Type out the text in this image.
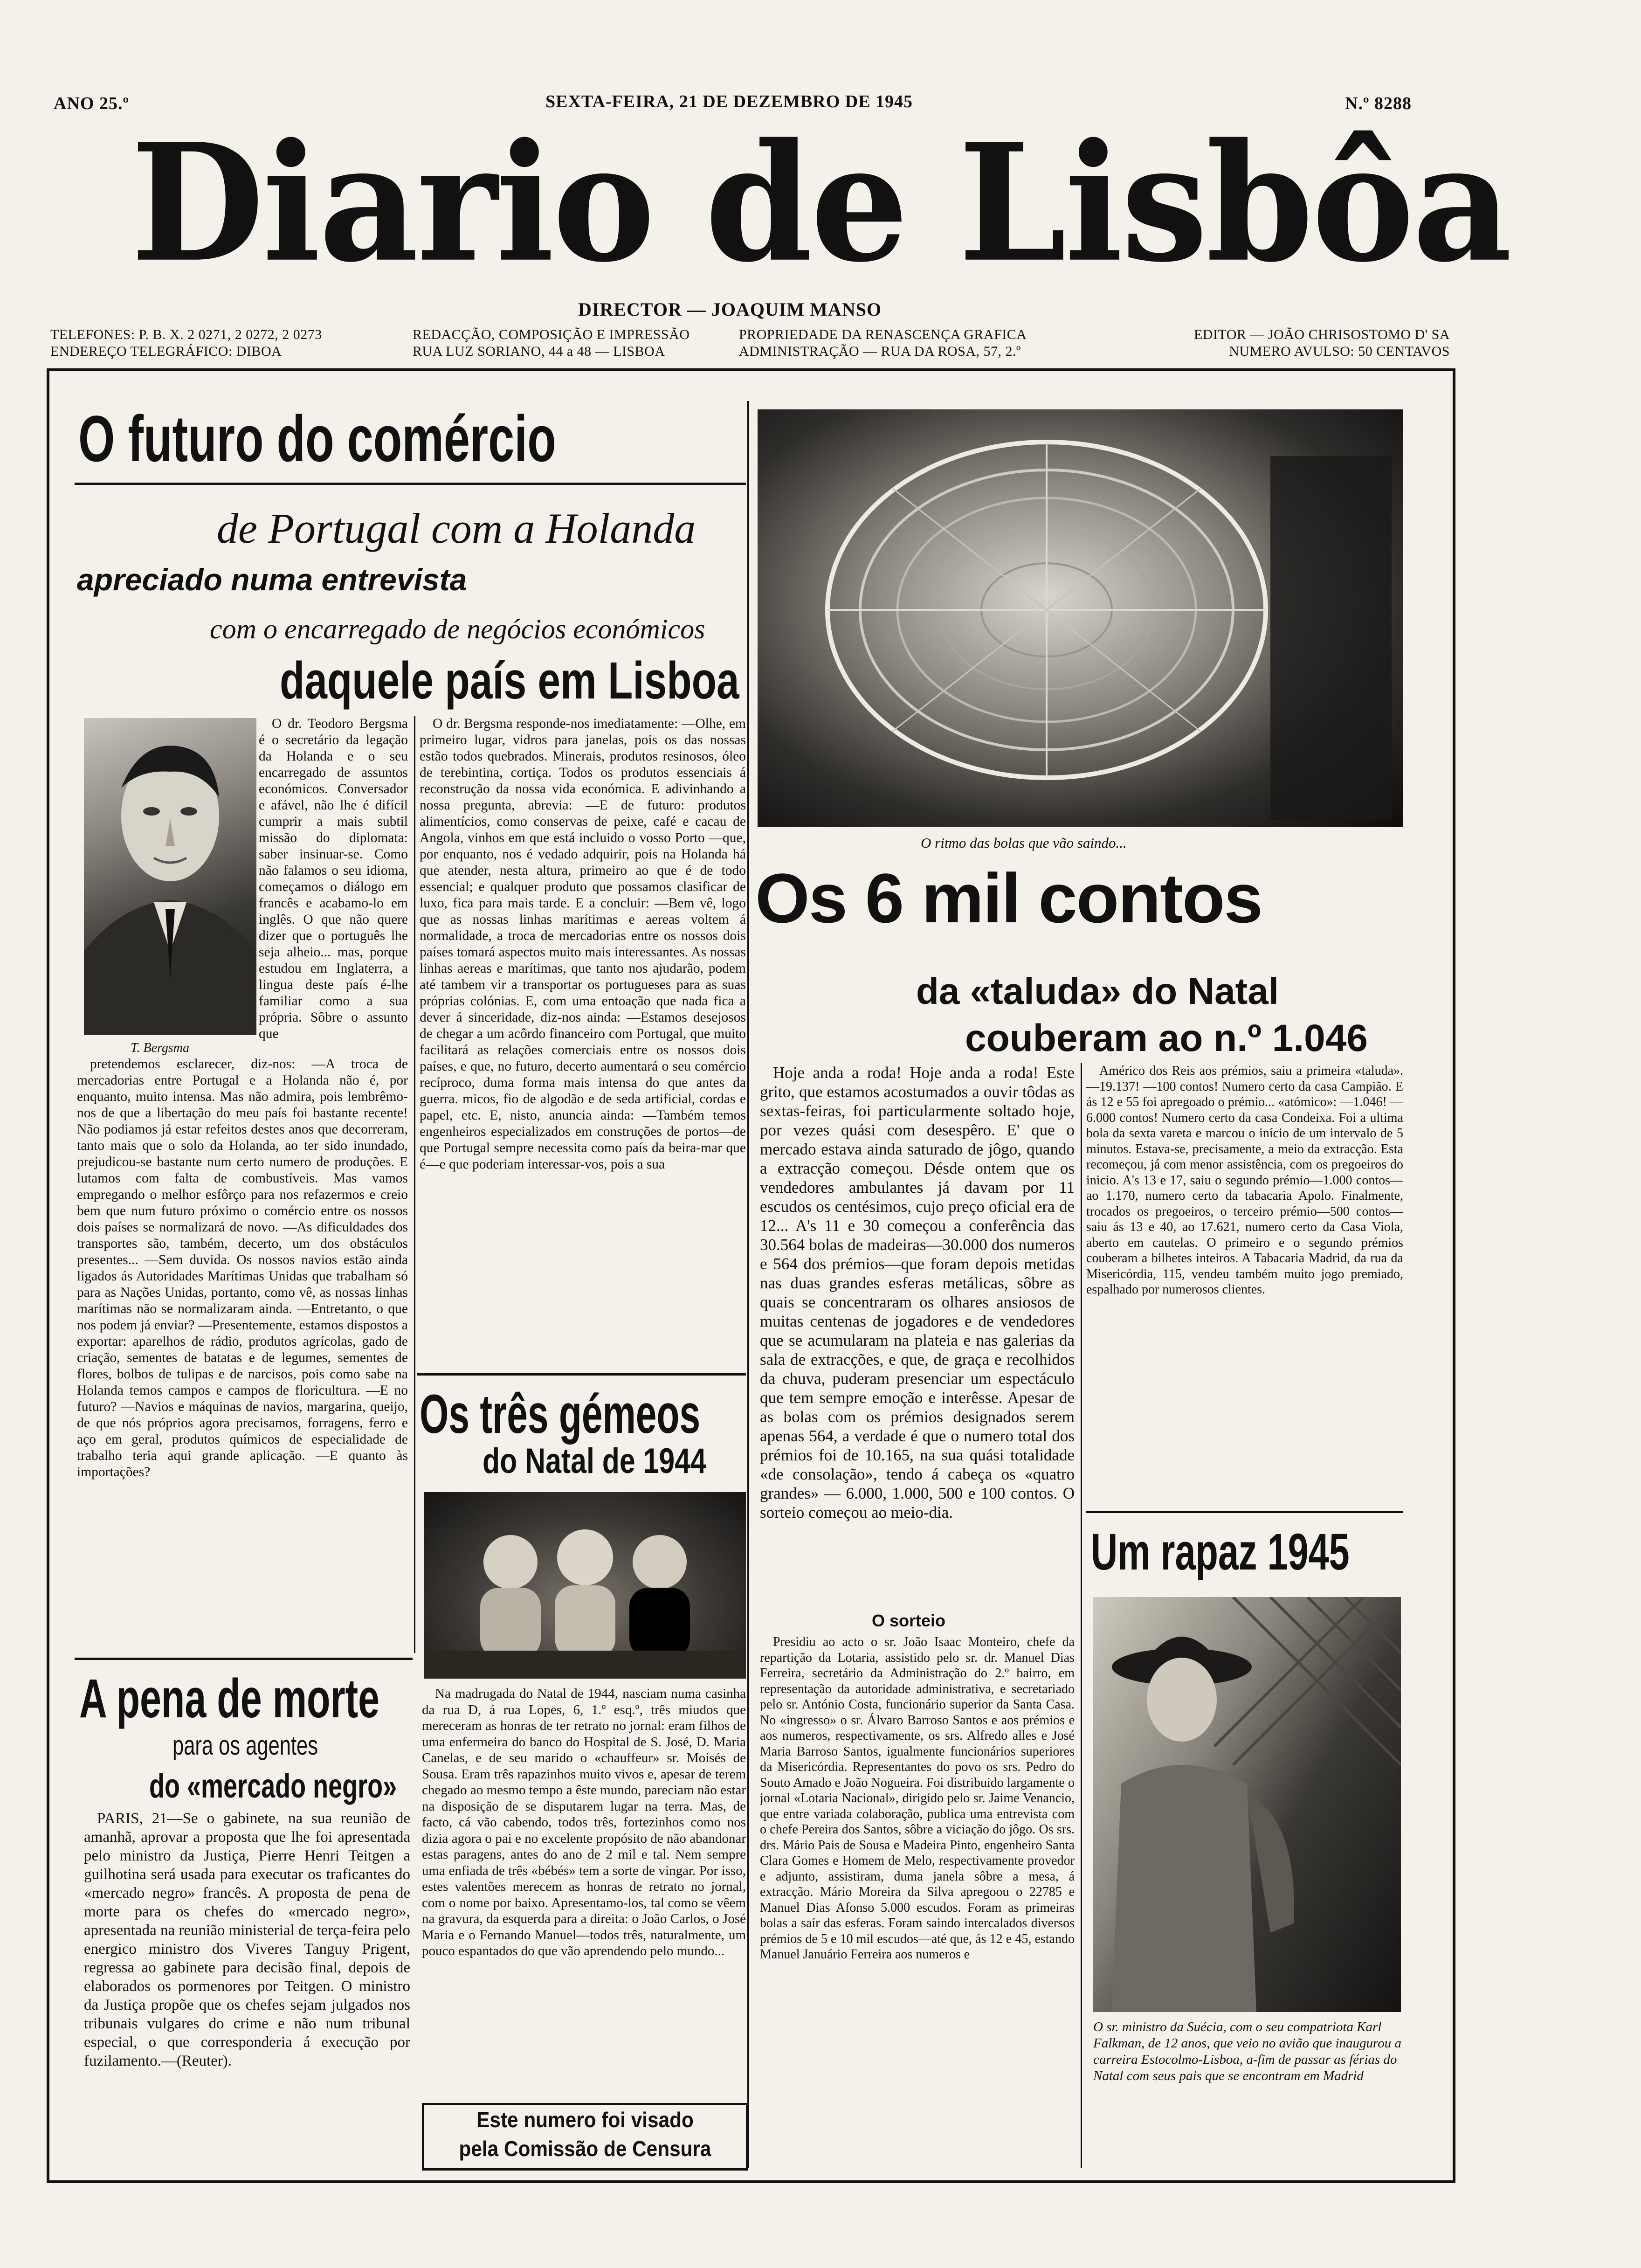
ANO 25.º	SEXTA-FEIRA, 21 DE DEZEMBRO DE 1945	N.º 8288
Diario de Lisbôa
DIRECTOR — JOAQUIM MANSO
TELEFONES: P. B. X. 2 0271, 2 0272, 2 0273
ENDEREÇO TELEGRÁFICO: DIBOA
REDACÇÃO, COMPOSIÇÃO E IMPRESSÃO
RUA LUZ SORIANO, 44 a 48 — LISBOA
PROPRIEDADE DA RENASCENÇA GRAFICA
ADMINISTRAÇÃO — RUA DA ROSA, 57, 2.º
EDITOR — JOÃO CHRISOSTOMO D' SA
NUMERO AVULSO: 50 CENTAVOS
O futuro do comércio
de Portugal com a Holanda
apreciado numa entrevista
com o encarregado de negócios económicos
daquele país em Lisboa
T. Bergsma

O dr. Teodoro Bergsma é o secretário da legação da Holanda e o seu encarregado de assuntos económicos. Conversador e afável, não lhe é difícil cumprir a mais subtil missão do diplomata: saber insinuar-se. Como não falamos o seu idioma, começamos o diálogo em francês e acabamo-lo em inglês. O que não quere dizer que o português lhe seja alheio... mas, porque estudou em Inglaterra, a lingua deste país é-lhe familiar como a sua própria. Sôbre o assunto que

pretendemos esclarecer, diz-nos: —A troca de mercadorias entre Portugal e a Holanda não é, por enquanto, muito intensa. Mas não admira, pois lembrêmo-nos de que a libertação do meu país foi bastante recente! Não podiamos já estar refeitos destes anos que decorreram, tanto mais que o solo da Holanda, ao ter sido inundado, prejudicou-se bastante num certo numero de produções. E lutamos com falta de combustíveis. Mas vamos empregando o melhor esfôrço para nos refazermos e creio bem que num futuro próximo o comércio entre os nossos dois países se normalizará de novo. —As dificuldades dos transportes são, também, decerto, um dos obstáculos presentes... —Sem duvida. Os nossos navios estão ainda ligados ás Autoridades Marítimas Unidas que trabalham só para as Nações Unidas, portanto, como vê, as nossas linhas marítimas não se normalizaram ainda. —Entretanto, o que nos podem já enviar? —Presentemente, estamos dispostos a exportar: aparelhos de rádio, produtos agrícolas, gado de criação, sementes de batatas e de legumes, sementes de flores, bolbos de tulipas e de narcisos, pois como sabe na Holanda temos campos e campos de floricultura. —E no futuro? —Navios e máquinas de navios, margarina, queijo, de que nós próprios agora precisamos, forragens, ferro e aço em geral, produtos químicos de especialidade de trabalho teria aqui grande aplicação. —E quanto às importações?

O dr. Bergsma responde-nos imediatamente: —Olhe, em primeiro lugar, vidros para janelas, pois os das nossas estão todos quebrados. Minerais, produtos resinosos, óleo de terebintina, cortiça. Todos os produtos essenciais á reconstrução da nossa vida económica. E adivinhando a nossa pregunta, abrevia: —E de futuro: produtos alimentícios, como conservas de peixe, café e cacau de Angola, vinhos em que está incluido o vosso Porto —que, por enquanto, nos é vedado adquirir, pois na Holanda há que atender, nesta altura, primeiro ao que é de todo essencial; e qualquer produto que possamos clasificar de luxo, fica para mais tarde. E a concluir: —Bem vê, logo que as nossas linhas marítimas e aereas voltem á normalidade, a troca de mercadorias entre os nossos dois países tomará aspectos muito mais interessantes. As nossas linhas aereas e marítimas, que tanto nos ajudarão, podem até tambem vir a transportar os portugueses para as suas próprias colónias. E, com uma entoação que nada fica a dever á sinceridade, diz-nos ainda: —Estamos desejosos de chegar a um acôrdo financeiro com Portugal, que muito facilitará as relações comerciais entre os nossos dois países, e que, no futuro, decerto aumentará o seu comércio recíproco, duma forma mais intensa do que antes da guerra. micos, fio de algodão e de seda artificial, cordas e papel, etc. E, nisto, anuncia ainda: —Também temos engenheiros especializados em construções de portos—de que Portugal sempre necessita como país da beira-mar que é—e que poderiam interessar-vos, pois a sua

A pena de morte
para os agentes
do «mercado negro»

PARIS, 21—Se o gabinete, na sua reunião de amanhã, aprovar a proposta que lhe foi apresentada pelo ministro da Justiça, Pierre Henri Teitgen a guilhotina será usada para executar os traficantes do «mercado negro» francês. A proposta de pena de morte para os chefes do «mercado negro», apresentada na reunião ministerial de terça-feira pelo energico ministro dos Viveres Tanguy Prigent, regressa ao gabinete para decisão final, depois de elaborados os pormenores por Teitgen. O ministro da Justiça propõe que os chefes sejam julgados nos tribunais vulgares do crime e não num tribunal especial, o que corresponderia á execução por fuzilamento.—(Reuter).

Os três gémeos
do Natal de 1944

Na madrugada do Natal de 1944, nasciam numa casinha da rua D, á rua Lopes, 6, 1.º esq.º, três miudos que mereceram as honras de ter retrato no jornal: eram filhos de uma enfermeira do banco do Hospital de S. José, D. Maria Canelas, e de seu marido o «chauffeur» sr. Moisés de Sousa. Eram três rapazinhos muito vivos e, apesar de terem chegado ao mesmo tempo a êste mundo, pareciam não estar na disposição de se disputarem lugar na terra. Mas, de facto, cá vão cabendo, todos três, fortezinhos como nos dizia agora o pai e no excelente propósito de não abandonar estas paragens, antes do ano de 2 mil e tal. Nem sempre uma enfiada de três «bébés» tem a sorte de vingar. Por isso, estes valentões merecem as honras de retrato no jornal, com o nome por baixo. Apresentamo-los, tal como se vêem na gravura, da esquerda para a direita: o João Carlos, o José Maria e o Fernando Manuel—todos três, naturalmente, um pouco espantados do que vão aprendendo pelo mundo...

Este numero foi visado
pela Comissão de Censura
O ritmo das bolas que vão saindo...
Os 6 mil contos
da «taluda» do Natal
couberam ao n.º 1.046

Hoje anda a roda! Hoje anda a roda! Este grito, que estamos acostumados a ouvir tôdas as sextas-feiras, foi particularmente soltado hoje, por vezes quási com desespêro. E' que o mercado estava ainda saturado de jôgo, quando a extracção começou. Désde ontem que os vendedores ambulantes já davam por 11 escudos os centésimos, cujo preço oficial era de 12... A's 11 e 30 começou a conferência das 30.564 bolas de madeiras—30.000 dos numeros e 564 dos prémios—que foram depois metidas nas duas grandes esferas metálicas, sôbre as quais se concentraram os olhares ansiosos de muitas centenas de jogadores e de vendedores que se acumularam na plateia e nas galerias da sala de extracções, e que, de graça e recolhidos da chuva, puderam presenciar um espectáculo que tem sempre emoção e interêsse. Apesar de as bolas com os prémios designados serem apenas 564, a verdade é que o numero total dos prémios foi de 10.165, na sua quási totalidade «de consolação», tendo á cabeça os «quatro grandes» — 6.000, 1.000, 500 e 100 contos. O sorteio começou ao meio-dia.

O sorteio

Presidiu ao acto o sr. João Isaac Monteiro, chefe da repartição da Lotaria, assistido pelo sr. dr. Manuel Dias Ferreira, secretário da Administração do 2.º bairro, em representação da autoridade administrativa, e secretariado pelo sr. António Costa, funcionário superior da Santa Casa. No «ingresso» o sr. Álvaro Barroso Santos e aos prémios e aos numeros, respectivamente, os srs. Alfredo alles e José Maria Barroso Santos, igualmente funcionários superiores da Misericórdia. Representantes do povo os srs. Pedro do Souto Amado e João Nogueira. Foi distribuido largamente o jornal «Lotaria Nacional», dirigido pelo sr. Jaime Venancio, que entre variada colaboração, publica uma entrevista com o chefe Pereira dos Santos, sôbre a viciação do jôgo. Os srs. drs. Mário Pais de Sousa e Madeira Pinto, engenheiro Santa Clara Gomes e Homem de Melo, respectivamente provedor e adjunto, assistiram, duma janela sôbre a mesa, á extracção. Mário Moreira da Silva apregoou o 22785 e Manuel Dias Afonso 5.000 escudos. Foram as primeiras bolas a saír das esferas. Foram saindo intercalados diversos prémios de 5 e 10 mil escudos—até que, ás 12 e 45, estando Manuel Januário Ferreira aos numeros e

Américo dos Reis aos prémios, saiu a primeira «taluda». —19.137! —100 contos! Numero certo da casa Campião. E ás 12 e 55 foi apregoado o prémio... «atómico»: —1.046! —6.000 contos! Numero certo da casa Condeixa. Foi a ultima bola da sexta vareta e marcou o início de um intervalo de 5 minutos. Estava-se, precisamente, a meio da extracção. Esta recomeçou, já com menor assistência, com os pregoeiros do inicio. A's 13 e 17, saiu o segundo prémio—1.000 contos—ao 1.170, numero certo da tabacaria Apolo. Finalmente, trocados os pregoeiros, o terceiro prémio—500 contos—saiu ás 13 e 40, ao 17.621, numero certo da Casa Viola, aberto em cautelas. O primeiro e o segundo prémios couberam a bilhetes inteiros. A Tabacaria Madrid, da rua da Misericórdia, 115, vendeu também muito jogo premiado, espalhado por numerosos clientes.

Um rapaz 1945
O sr. ministro da Suécia, com o seu compatriota Karl Falkman, de 12 anos, que veio no avião que inaugurou a carreira Estocolmo-Lisboa, a-fim de passar as férias do Natal com seus pais que se encontram em Madrid
